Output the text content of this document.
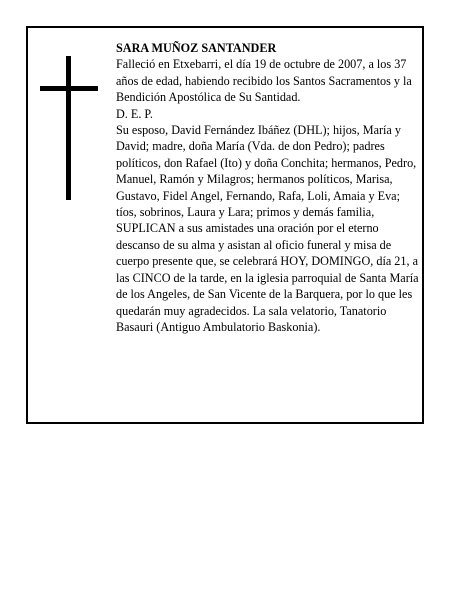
SARA MUÑOZ SANTANDER

Falleció en Etxebarri, el día 19 de octubre de 2007, a los 37 años de edad, habiendo recibido los Santos Sacramentos y la Bendición Apostólica de Su Santidad.

D. E. P.

Su esposo, David Fernández Ibáñez (DHL); hijos, María y David; madre, doña María (Vda. de don Pedro); padres políticos, don Rafael (Ito) y doña Conchita; hermanos, Pedro, Manuel, Ramón y Milagros; hermanos políticos, Marisa, Gustavo, Fidel Angel, Fernando, Rafa, Loli, Amaia y Eva; tíos, sobrinos, Laura y Lara; primos y demás familia, SUPLICAN a sus amistades una oración por el eterno descanso de su alma y asistan al oficio funeral y misa de cuerpo presente que, se celebrará HOY, DOMINGO, día 21, a las CINCO de la tarde, en la iglesia parroquial de Santa María de los Angeles, de San Vicente de la Barquera, por lo que les quedarán muy agradecidos. La sala velatorio, Tanatorio Basauri (Antiguo Ambulatorio Baskonia).
